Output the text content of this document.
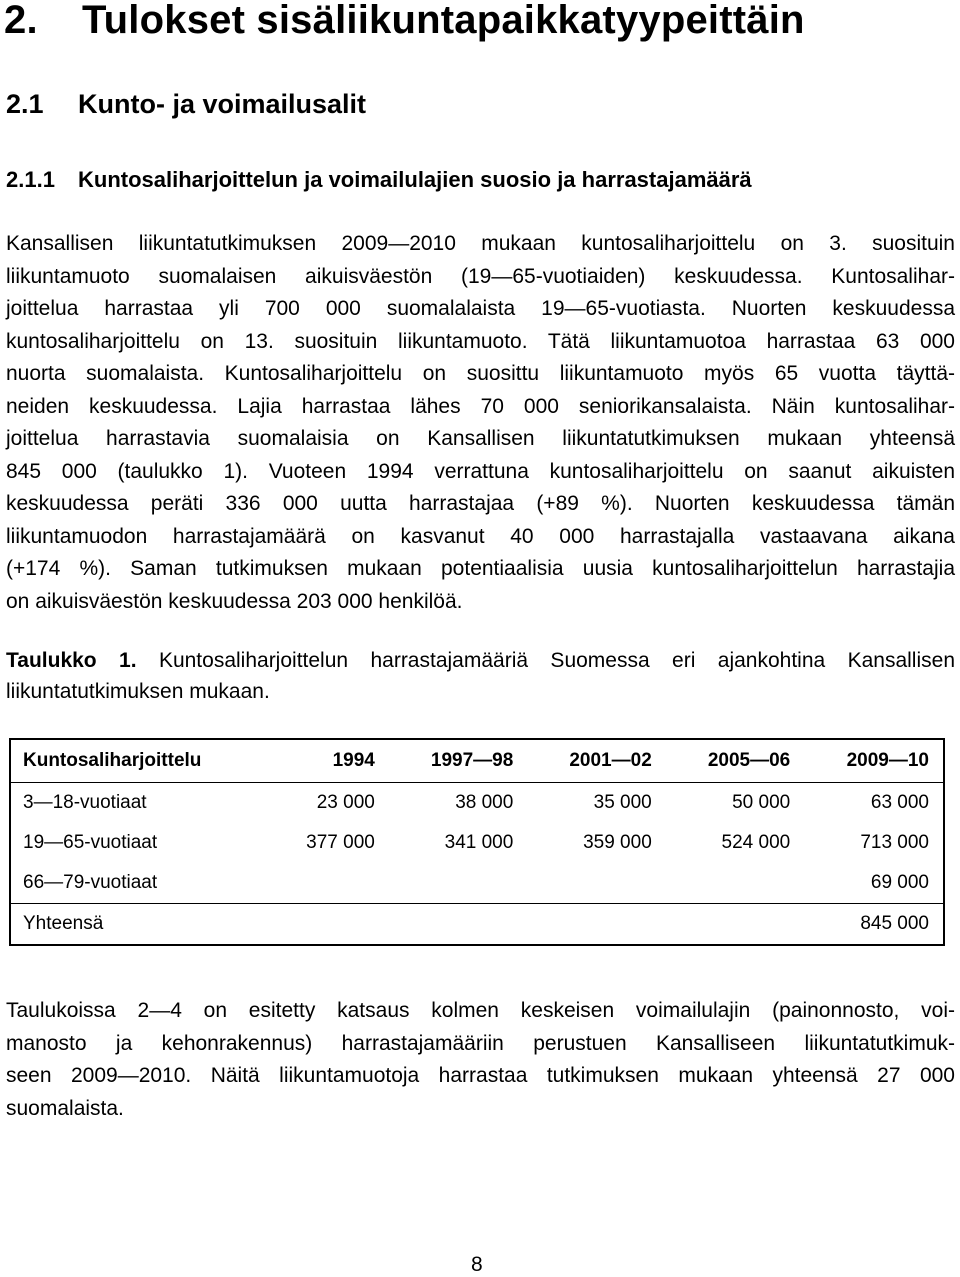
2. Tulokset sisäliikuntapaikkatyypeittäin
2.1 Kunto- ja voimailusalit
2.1.1 Kuntosaliharjoittelun ja voimailulajien suosio ja harrastajamäärä
Kansallisen liikuntatutkimuksen 2009—2010 mukaan kuntosaliharjoittelu on 3. suosituin
liikuntamuoto suomalaisen aikuisväestön (19—65-vuotiaiden) keskuudessa. Kuntosalihar-
joittelua harrastaa yli 700 000 suomalalaista 19—65-vuotiasta. Nuorten keskuudessa
kuntosaliharjoittelu on 13. suosituin liikuntamuoto. Tätä liikuntamuotoa harrastaa 63 000
nuorta suomalaista. Kuntosaliharjoittelu on suosittu liikuntamuoto myös 65 vuotta täyttä-
neiden keskuudessa. Lajia harrastaa lähes 70 000 seniorikansalaista. Näin kuntosalihar-
joittelua harrastavia suomalaisia on Kansallisen liikuntatutkimuksen mukaan yhteensä
845 000 (taulukko 1). Vuoteen 1994 verrattuna kuntosaliharjoittelu on saanut aikuisten
keskuudessa peräti 336 000 uutta harrastajaa (+89 %). Nuorten keskuudessa tämän
liikuntamuodon harrastajamäärä on kasvanut 40 000 harrastajalla vastaavana aikana
(+174 %). Saman tutkimuksen mukaan potentiaalisia uusia kuntosaliharjoittelun harrastajia
on aikuisväestön keskuudessa 203 000 henkilöä.
Taulukko 1. Kuntosaliharjoittelun harrastajamääriä Suomessa eri ajankohtina Kansallisen
liikuntatutkimuksen mukaan.
Kuntosaliharjoittelu	1994	1997—98	2001—02	2005—06	2009—10
3—18-vuotiaat	23 000	38 000	35 000	50 000	63 000
19—65-vuotiaat	377 000	341 000	359 000	524 000	713 000
66—79-vuotiaat					69 000
Yhteensä					845 000
Taulukoissa 2—4 on esitetty katsaus kolmen keskeisen voimailulajin (painonnosto, voi-
manosto ja kehonrakennus) harrastajamääriin perustuen Kansalliseen liikuntatutkimuk-
seen 2009—2010. Näitä liikuntamuotoja harrastaa tutkimuksen mukaan yhteensä 27 000
suomalaista.
8
